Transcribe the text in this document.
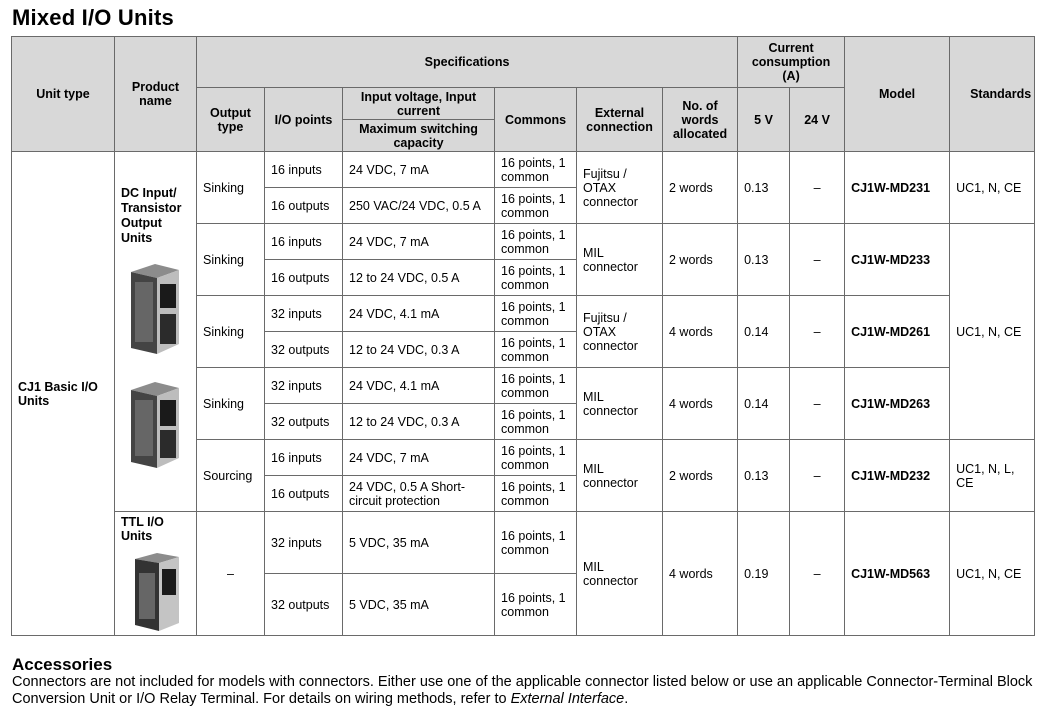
Mixed I/O Units
Unit type	Product name	Specifications						Current consumption (A)		Model	Standards
		Output type	I/O points	Input voltage, Input current	Commons	External connection	No. of words allocated	5 V	24 V		
				Maximum switching capacity							
CJ1 Basic I/O Units	DC Input/ Transistor Output Units	Sinking	16 inputs	24 VDC, 7 mA	16 points, 1 common	Fujitsu / OTAX connector	2 words	0.13	–	CJ1W-MD231	UC1, N, CE
			16 outputs	250 VAC/24 VDC, 0.5 A	16 points, 1 common						
		Sinking	16 inputs	24 VDC, 7 mA	16 points, 1 common	MIL connector	2 words	0.13	–	CJ1W-MD233	UC1, N, CE
			16 outputs	12 to 24 VDC, 0.5 A	16 points, 1 common						
		Sinking	32 inputs	24 VDC, 4.1 mA	16 points, 1 common	Fujitsu / OTAX connector	4 words	0.14	–	CJ1W-MD261	
			32 outputs	12 to 24 VDC, 0.3 A	16 points, 1 common						
		Sinking	32 inputs	24 VDC, 4.1 mA	16 points, 1 common	MIL connector	4 words	0.14	–	CJ1W-MD263	
			32 outputs	12 to 24 VDC, 0.3 A	16 points, 1 common						
		Sourcing	16 inputs	24 VDC, 7 mA	16 points, 1 common	MIL connector	2 words	0.13	–	CJ1W-MD232	UC1, N, L, CE
			16 outputs	24 VDC, 0.5 A Short-circuit protection	16 points, 1 common						
	TTL I/O Units	–	32 inputs	5 VDC, 35 mA	16 points, 1 common	MIL connector	4 words	0.19	–	CJ1W-MD563	UC1, N, CE
			32 outputs	5 VDC, 35 mA	16 points, 1 common						
Accessories
Connectors are not included for models with connectors. Either use one of the applicable connector listed below or use an applicable Connector-Terminal Block Conversion Unit or I/O Relay Terminal. For details on wiring methods, refer to External Interface.
